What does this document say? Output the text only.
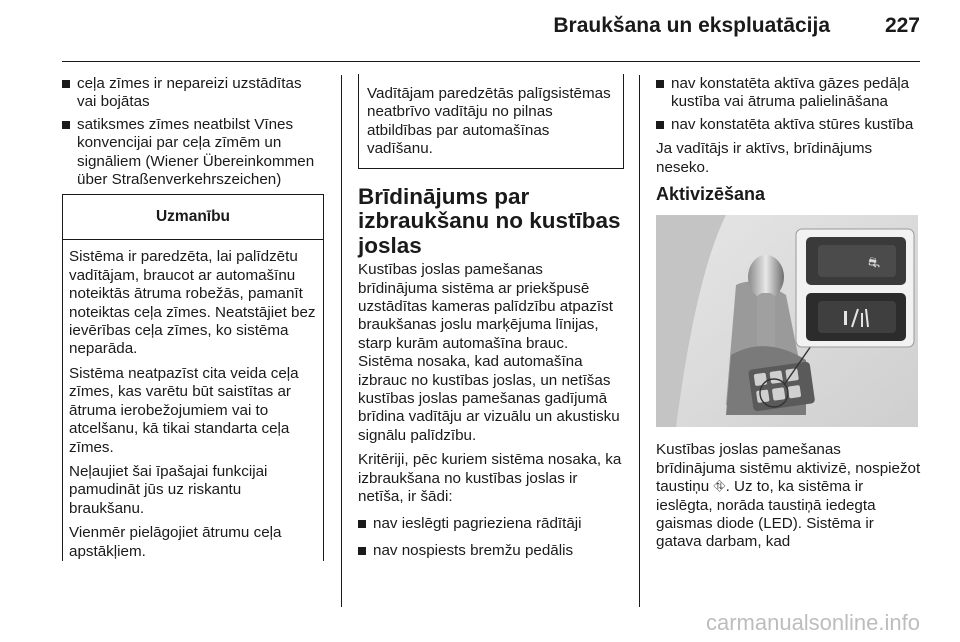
Braukšana un ekspluatācija	227
ceļa zīmes ir nepareizi uzstādītas vai bojātas
satiksmes zīmes neatbilst Vīnes konvencijai par ceļa zīmēm un signāliem (Wiener Übereinkommen über Straßenverkehrszeichen)
Uzmanību

Sistēma ir paredzēta, lai palīdzētu vadītājam, braucot ar automašīnu noteiktās ātruma robežās, pamanīt noteiktas ceļa zīmes. Neatstājiet bez ievērības ceļa zīmes, ko sistēma neparāda.

Sistēma neatpazīst cita veida ceļa zīmes, kas varētu būt saistītas ar ātruma ierobežojumiem vai to atcelšanu, kā tikai standarta ceļa zīmes.

Neļaujiet šai īpašajai funkcijai pamudināt jūs uz riskantu braukšanu.

Vienmēr pielāgojiet ātrumu ceļa apstākļiem.

Vadītājam paredzētās palīgsistēmas neatbrīvo vadītāju no pilnas atbildības par automašīnas vadīšanu.
Brīdinājums par izbraukšanu no kustības joslas

Kustības joslas pamešanas brīdinājuma sistēma ar priekšpusē uzstādītas kameras palīdzību atpazīst braukšanas joslu marķējuma līnijas, starp kurām automašīna brauc. Sistēma nosaka, kad automašīna izbrauc no kustības joslas, un netīšas kustības joslas pamešanas gadījumā brīdina vadītāju ar vizuālu un akustisku signālu palīdzību.

Kritēriji, pēc kuriem sistēma nosaka, ka izbraukšana no kustības joslas ir netīša, ir šādi:

nav ieslēgti pagrieziena rādītāji
nav nospiests bremžu pedālis
nav konstatēta aktīva gāzes pedāļa kustība vai ātruma palielināšana
nav konstatēta aktīva stūres kustība

Ja vadītājs ir aktīvs, brīdinājums neseko.

Aktivizēšana
⛐

Kustības joslas pamešanas brīdinājuma sistēmu aktivizē, nospiežot taustiņu ⛗. Uz to, ka sistēma ir ieslēgta, norāda taustiņā iedegta gaismas diode (LED). Sistēma ir gatava darbam, kad

carmanualsonline.info
